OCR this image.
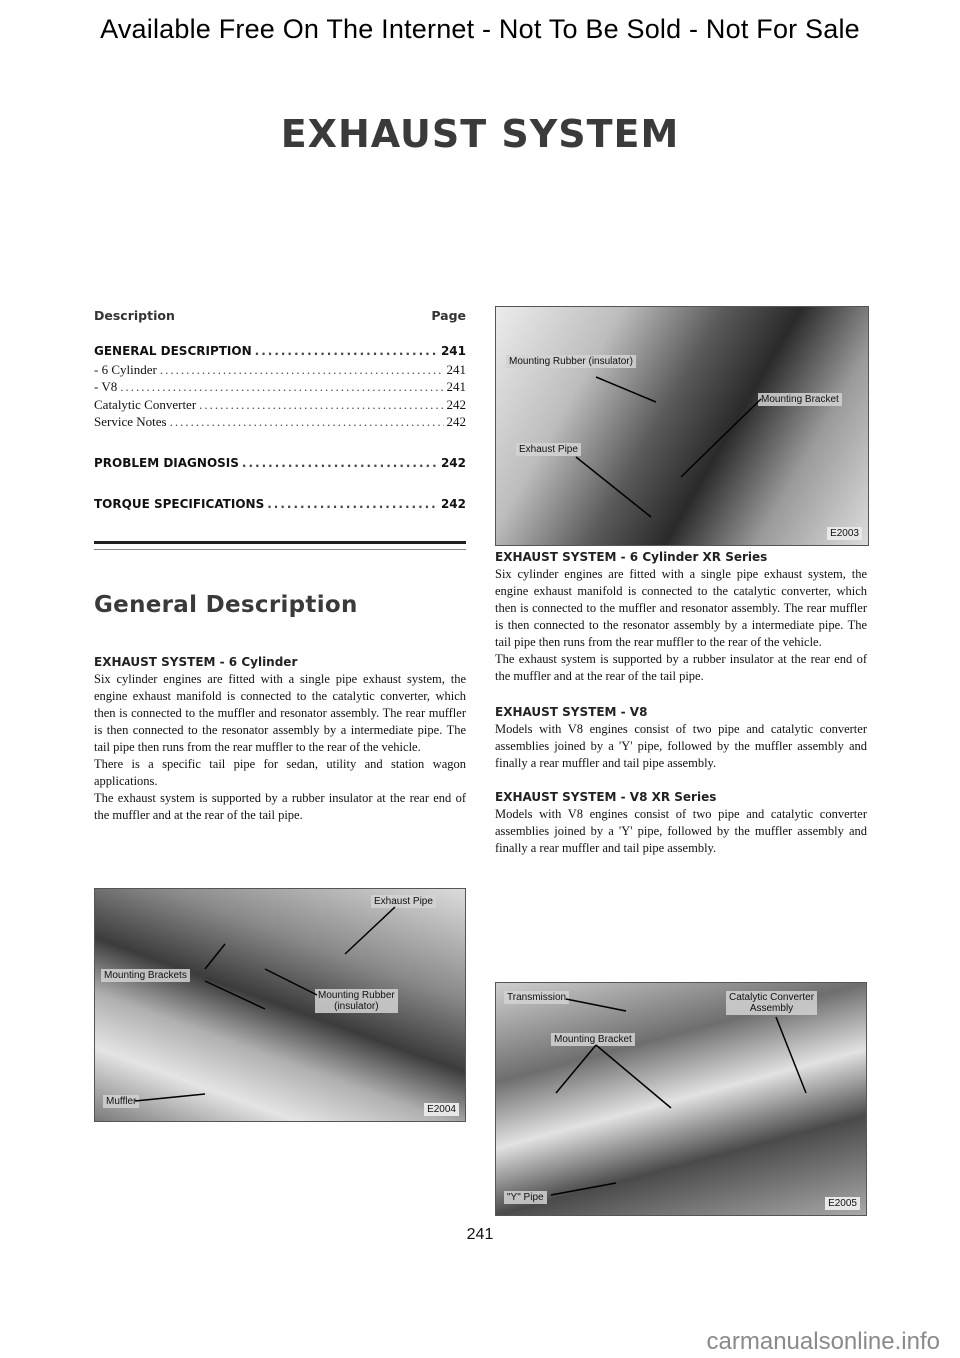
Available Free On The Internet - Not To Be Sold - Not For Sale
EXHAUST SYSTEM
Description	Page
GENERAL DESCRIPTION .....	241
- 6 Cylinder .....	241
- V8 .....	241
Catalytic Converter .....	242
Service Notes .....	242
PROBLEM DIAGNOSIS .....	242
TORQUE SPECIFICATIONS .....	242
General Description
EXHAUST SYSTEM - 6 Cylinder
Six cylinder engines are fitted with a single pipe exhaust system, the engine exhaust manifold is connected to the catalytic converter, which then is connected to the muffler and resonator assembly. The rear muffler is then connected to the resonator assembly by a intermediate pipe. The tail pipe then runs from the rear muffler to the rear of the vehicle.
There is a specific tail pipe for sedan, utility and station wagon applications.
The exhaust system is supported by a rubber insulator at the rear end of the muffler and at the rear of the tail pipe.
Mounting Rubber (insulator)
Mounting Bracket
Exhaust Pipe
E2003
EXHAUST SYSTEM - 6 Cylinder XR Series
Six cylinder engines are fitted with a single pipe exhaust system, the engine exhaust manifold is connected to the catalytic converter, which then is connected to the muffler and resonator assembly. The rear muffler is then connected to the resonator assembly by a intermediate pipe. The tail pipe then runs from the rear muffler to the rear of the vehicle.
The exhaust system is supported by a rubber insulator at the rear end of the muffler and at the rear of the tail pipe.
EXHAUST SYSTEM - V8
Models with V8 engines consist of two pipe and catalytic converter assemblies joined by a 'Y' pipe, followed by the muffler assembly and finally a rear muffler and tail pipe assembly.
EXHAUST SYSTEM - V8 XR Series
Models with V8 engines consist of two pipe and catalytic converter assemblies joined by a 'Y' pipe, followed by the muffler assembly and finally a rear muffler and tail pipe assembly.
Exhaust Pipe
Mounting Brackets
Mounting Rubber
(insulator)
Muffler
E2004
Transmission	Catalytic Converter
Assembly
Mounting Bracket
"Y" Pipe
E2005
241
carmanualsonline.info
